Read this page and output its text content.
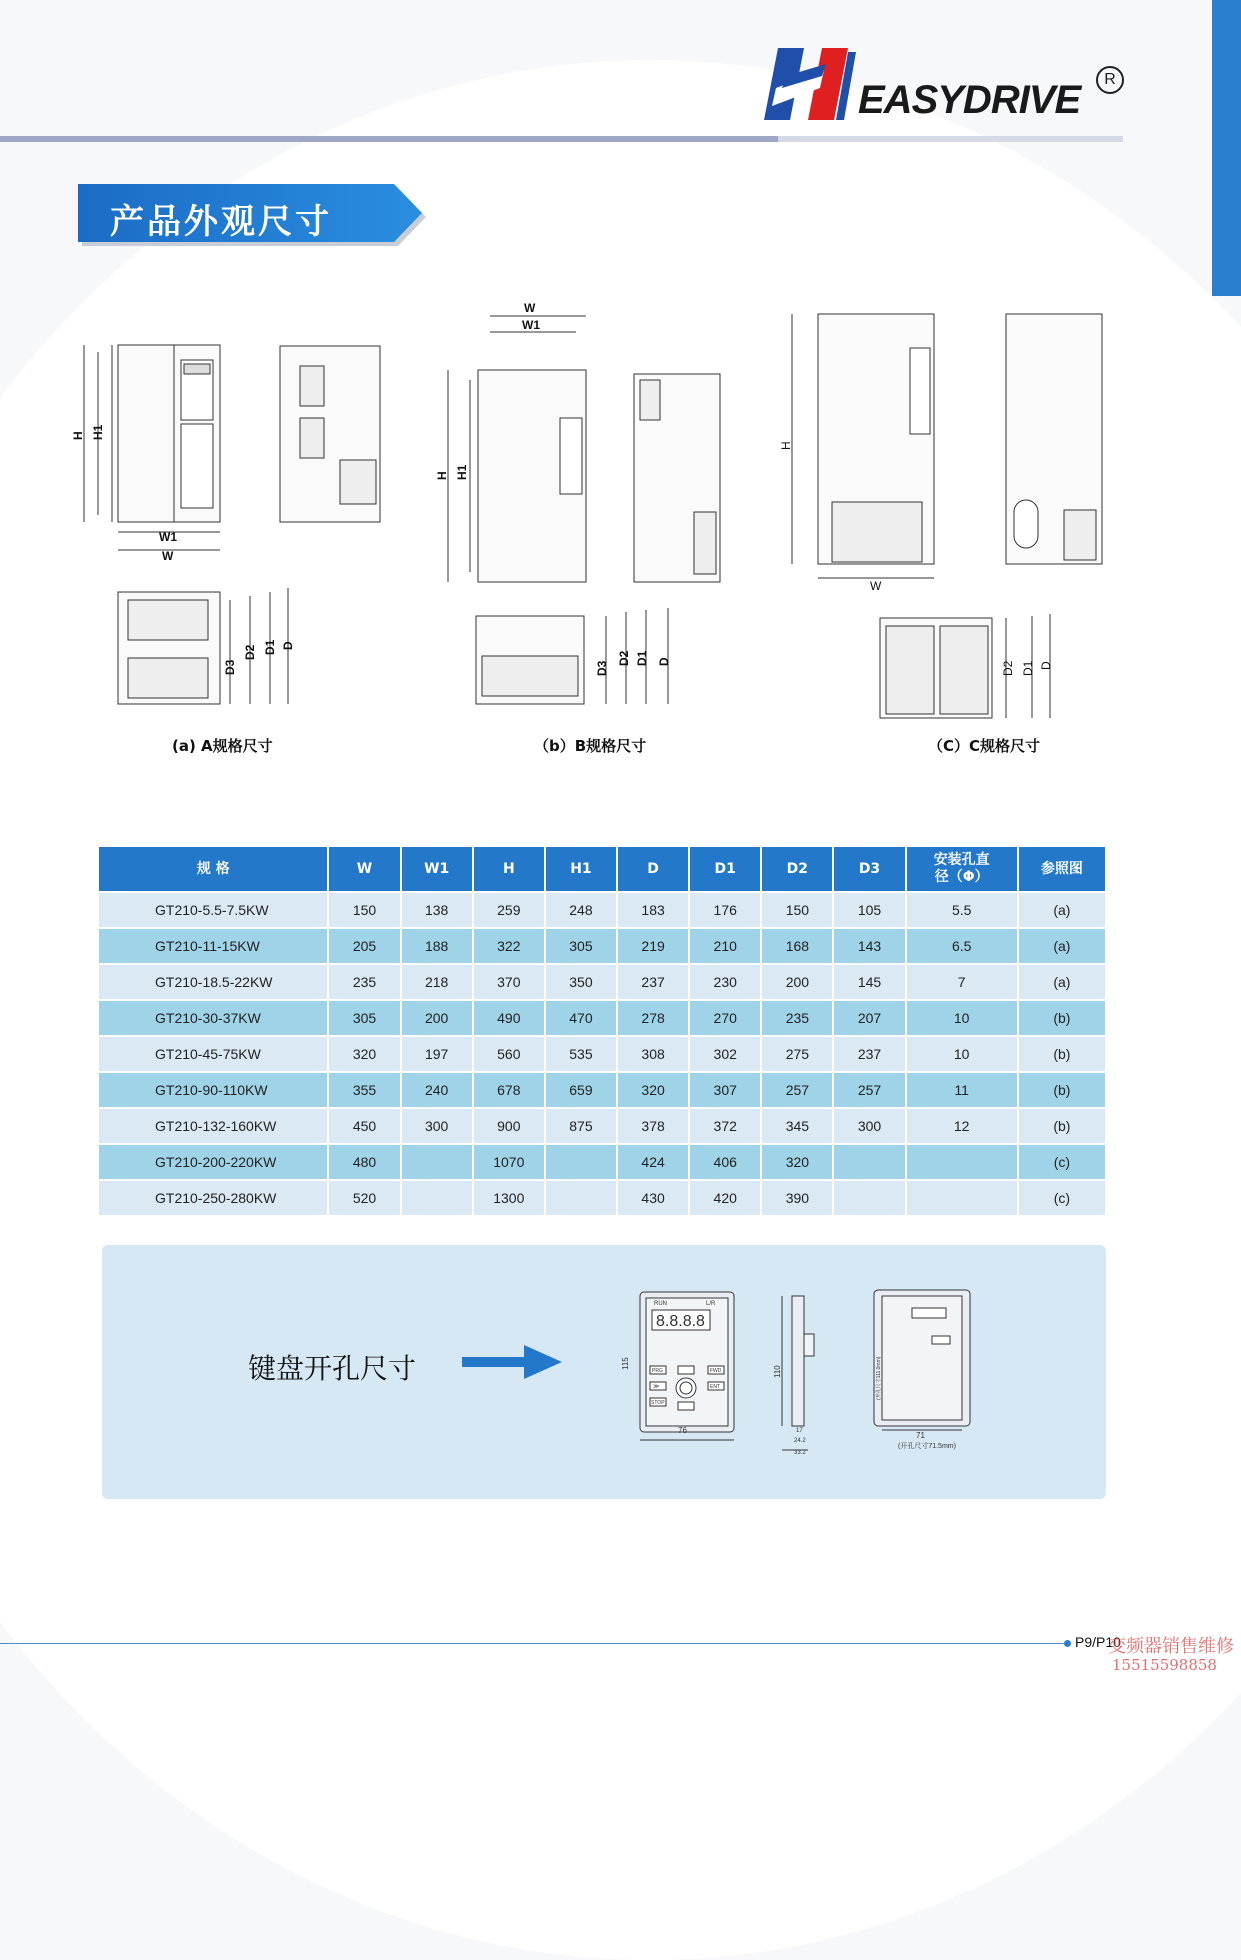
EASYDRIVE	R
产品外观尺寸
W1
W
H H1
D3
D2 D1 D
W
W1
H H1
D3
D2 D1 D
W
H
D2 D1 D
(a) A规格尺寸	（b）B规格尺寸	（C）C规格尺寸
规 格	W	W1	H	H1	D	D1	D2	D3	安装孔直
径（Φ）	参照图
GT210-5.5-7.5KW	150	138	259	248	183	176	150	105	5.5	(a)
GT210-11-15KW	205	188	322	305	219	210	168	143	6.5	(a)
GT210-18.5-22KW	235	218	370	350	237	230	200	145	7	(a)
GT210-30-37KW	305	200	490	470	278	270	235	207	10	(b)
GT210-45-75KW	320	197	560	535	308	302	275	237	10	(b)
GT210-90-110KW	355	240	678	659	320	307	257	257	11	(b)
GT210-132-160KW	450	300	900	875	378	372	345	300	12	(b)
GT210-200-220KW	480		1070		424	406	320			(c)
GT210-250-280KW	520		1300		430	420	390			(c)
键盘开孔尺寸
RUN	L/R
8.8.8.8
PRG	FWD
≫	ENT
STOP
76
115
110
17
24.2
33.2
71
(开孔尺寸71.5mm)
(开孔尺寸111.0mm)
P9/P10
变频器销售维修
15515598858
